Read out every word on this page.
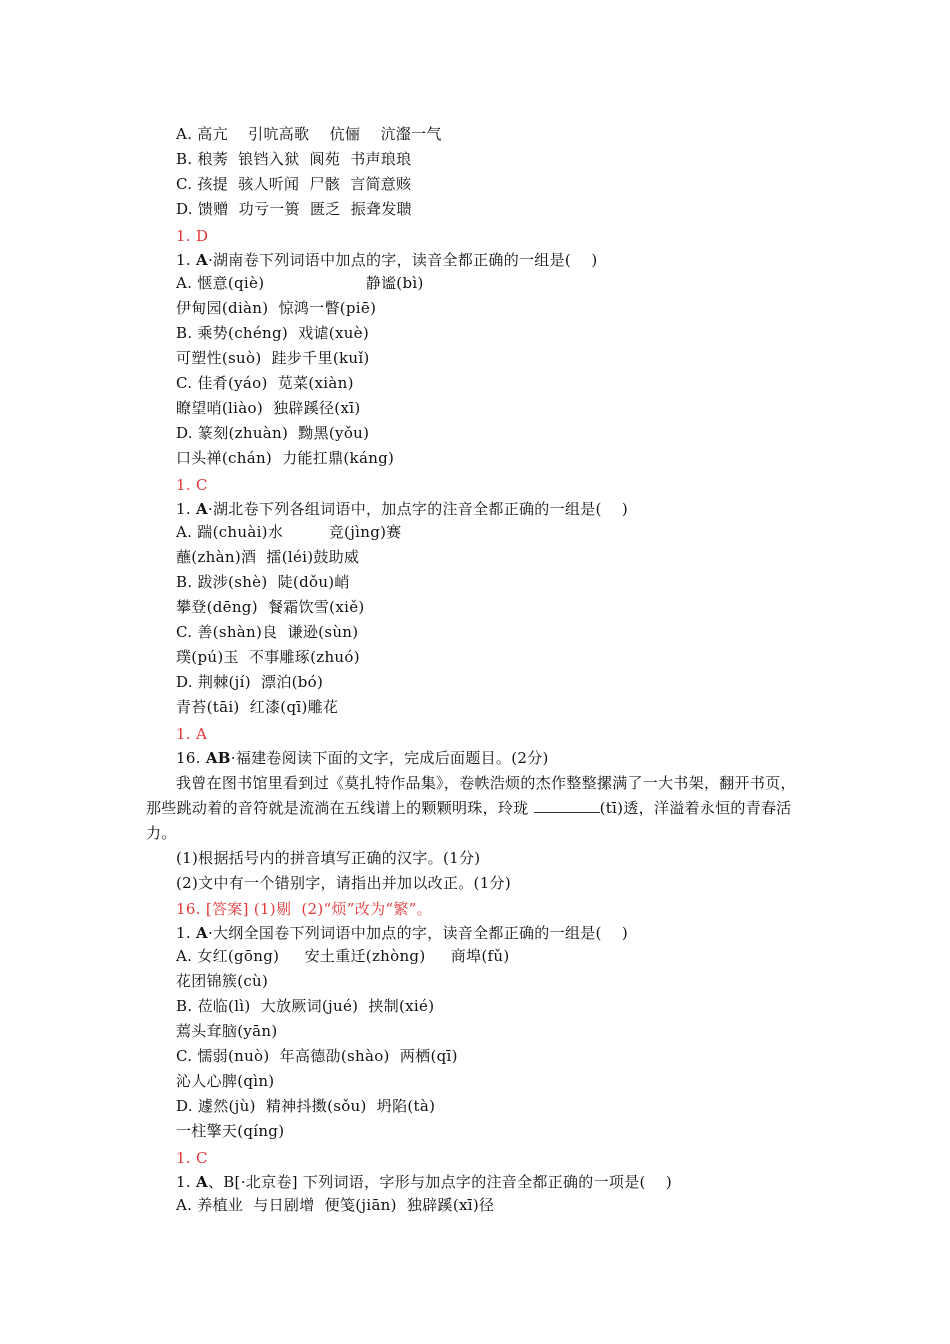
A. 高亢    引吭高歌    伉俪    沆瀣一气
B. 稂莠  锒铛入狱  阆苑  书声琅琅
C. 孩提  骇人听闻  尸骸  言简意赅
D. 馈赠  功亏一篑  匮乏  振聋发聩
1. D
1. A·湖南卷下列词语中加点的字，读音全都正确的一组是(    )
A. 惬意(qiè)                    静谧(bì)
伊甸园(diàn)  惊鸿一瞥(piē)
B. 乘势(chéng)  戏谑(xuè)
可塑性(suò)  跬步千里(kuǐ)
C. 佳肴(yáo)  苋菜(xiàn)
瞭望哨(liào)  独辟蹊径(xī)
D. 篆刻(zhuàn)  黝黑(yǒu)
口头禅(chán)  力能扛鼎(káng)
1. C
1. A·湖北卷下列各组词语中，加点字的注音全都正确的一组是(    )
A. 踹(chuài)水         竞(jìng)赛
蘸(zhàn)酒  擂(léi)鼓助威
B. 跋涉(shè)  陡(dǒu)峭
攀登(dēng)  餐霜饮雪(xiě)
C. 善(shàn)良  谦逊(sùn)
璞(pú)玉  不事雕琢(zhuó)
D. 荆棘(jí)  漂泊(bó)
青苔(tāi)  红漆(qī)雕花
1. A
16. AB·福建卷阅读下面的文字，完成后面题目。(2分)
我曾在图书馆里看到过《莫扎特作品集》，卷帙浩烦的杰作整整摞满了一大书架，翻开书页，那些跳动着的音符就是流淌在五线谱上的颗颗明珠，玲珑	(tī)透，洋溢着永恒的青春活力。
(1)根据括号内的拼音填写正确的汉字。(1分)
(2)文中有一个错别字，请指出并加以改正。(1分)
16. [答案] (1)剔  (2)“烦”改为“繁”。
1. A·大纲全国卷下列词语中加点的字，读音全都正确的一组是(    )
A. 女红(gōng)     安土重迁(zhòng)     商埠(fǔ)
花团锦簇(cù)
B. 莅临(lì)  大放厥词(jué)  挟制(xié)
蔫头耷脑(yān)
C. 懦弱(nuò)  年高德劭(shào)  两栖(qī)
沁人心脾(qìn)
D. 遽然(jù)  精神抖擞(sǒu)  坍陷(tà)
一柱擎天(qíng)
1. C
1. A、B[·北京卷] 下列词语，字形与加点字的注音全都正确的一项是(    )
A. 养植业  与日剧增  便笺(jiān)  独辟蹊(xī)径
